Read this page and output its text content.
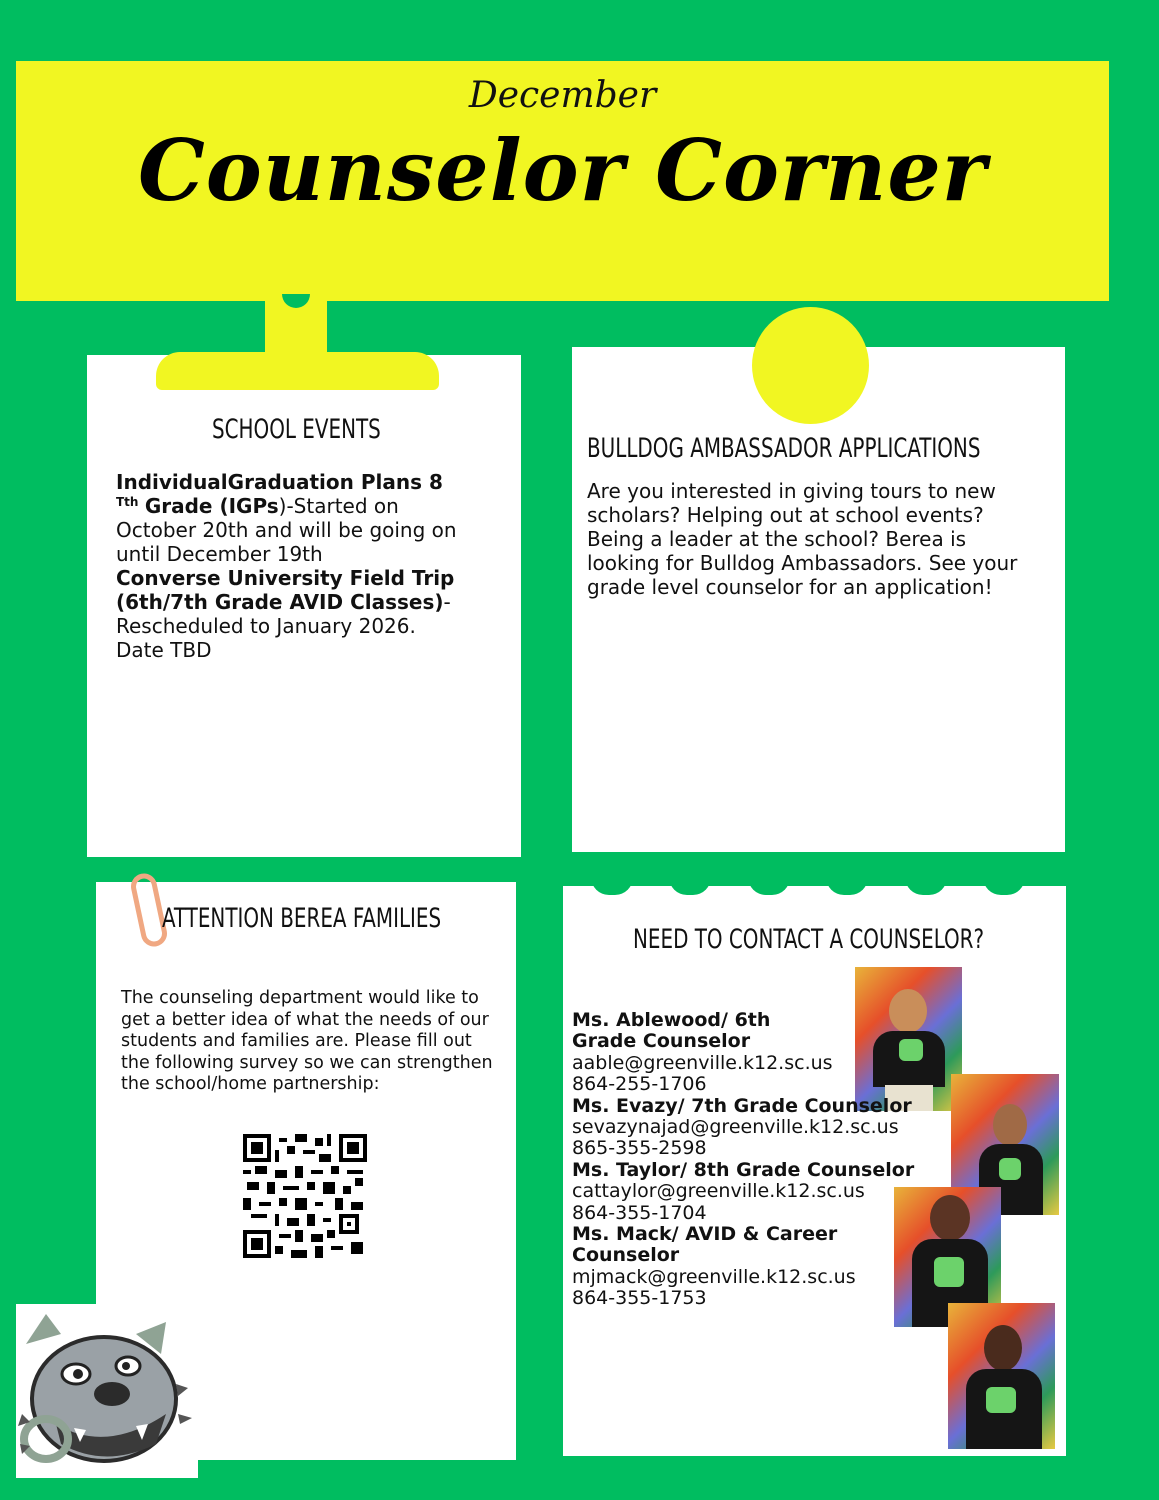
December
Counselor Corner
SCHOOL EVENTS
IndividualGraduation Plans 8 $^{Tth}$ Grade (IGPs)-Started on October 20th and will be going on until December 19th
Converse University Field Trip (6th/7th Grade AVID Classes)- Rescheduled to January 2026. Date TBD
BULLDOG AMBASSADOR APPLICATIONS
Are you interested in giving tours to new scholars? Helping out at school events? Being a leader at the school? Berea is looking for Bulldog Ambassadors. See your grade level counselor for an application!
ATTENTION BEREA FAMILIES
The counseling department would like to get a better idea of what the needs of our students and families are. Please fill out the following survey so we can strengthen the school/home partnership:
NEED TO CONTACT A COUNSELOR?
Ms. Ablewood/ 6th Grade Counselor
aable@greenville.k12.sc.us
864-255-1706
Ms. Evazy/ 7th Grade Counselor
sevazynajad@greenville.k12.sc.us
865-355-2598
Ms. Taylor/ 8th Grade Counselor
cattaylor@greenville.k12.sc.us
864-355-1704
Ms. Mack/ AVID & Career Counselor
mjmack@greenville.k12.sc.us
864-355-1753
